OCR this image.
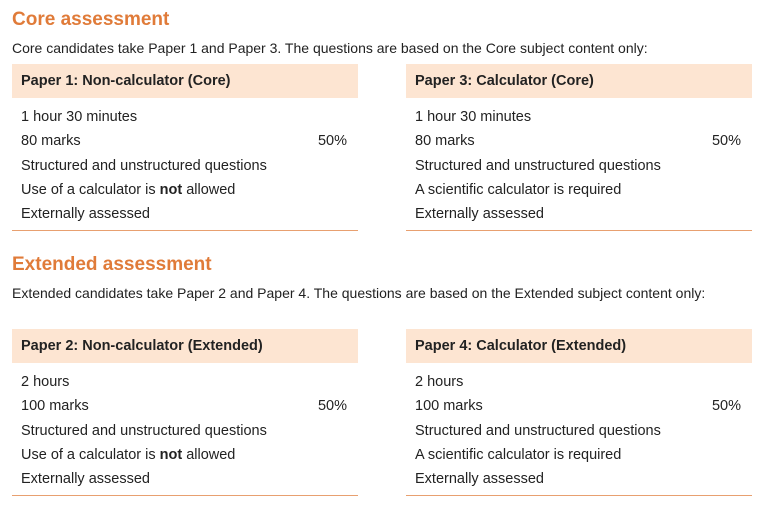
Core assessment
Core candidates take Paper 1 and Paper 3. The questions are based on the Core subject content only:
Paper 1: Non-calculator (Core)
1 hour 30 minutes
80 marks	50%
Structured and unstructured questions
Use of a calculator is not allowed
Externally assessed
Paper 3: Calculator (Core)
1 hour 30 minutes
80 marks	50%
Structured and unstructured questions
A scientific calculator is required
Externally assessed
Extended assessment
Extended candidates take Paper 2 and Paper 4. The questions are based on the Extended subject content only:
Paper 2: Non-calculator (Extended)
2 hours
100 marks	50%
Structured and unstructured questions
Use of a calculator is not allowed
Externally assessed
Paper 4: Calculator (Extended)
2 hours
100 marks	50%
Structured and unstructured questions
A scientific calculator is required
Externally assessed
